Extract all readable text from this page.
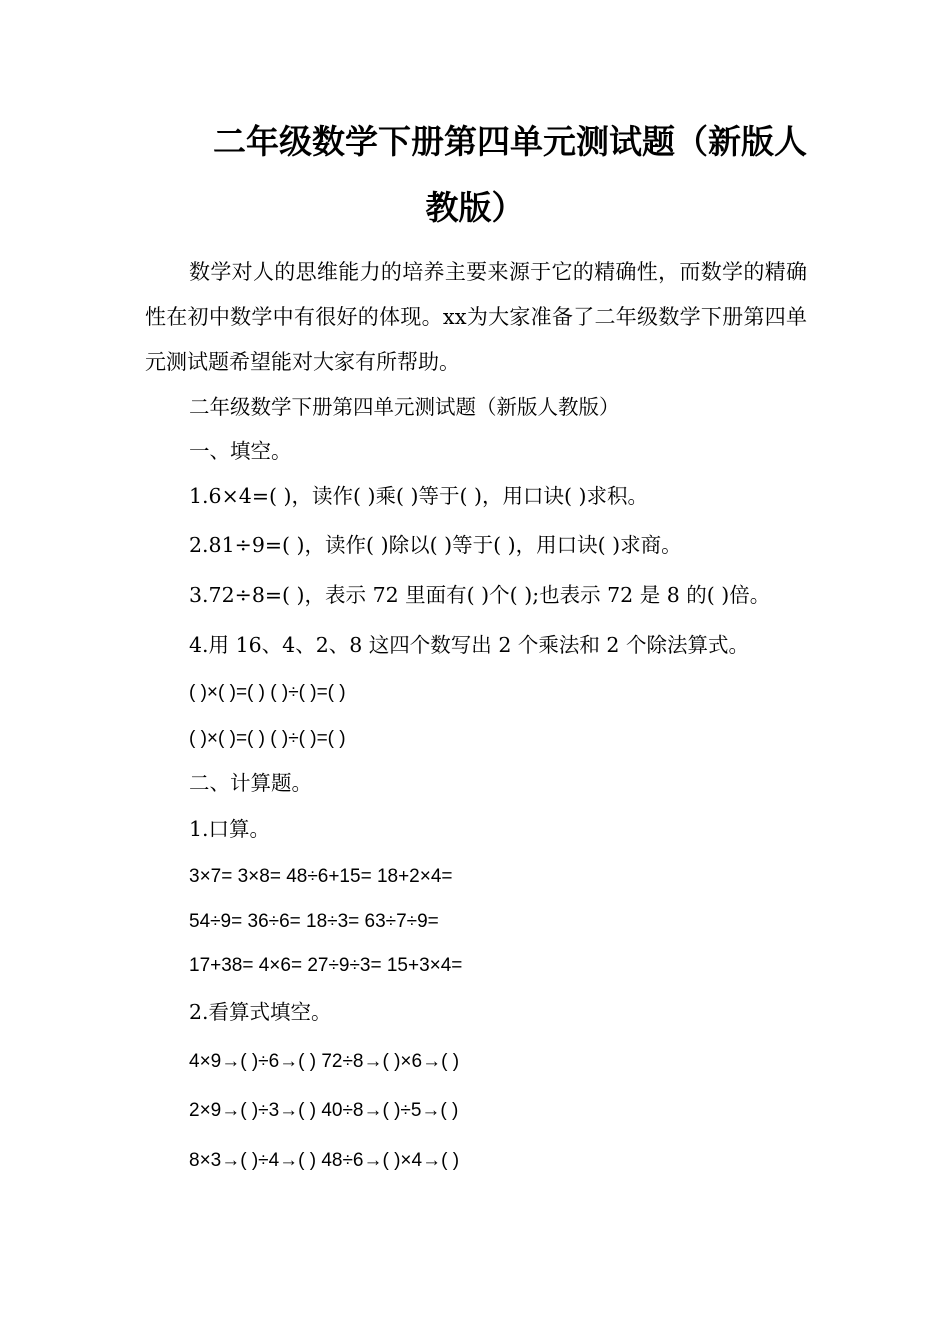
二年级数学下册第四单元测试题（新版人
教版）
数学对人的思维能力的培养主要来源于它的精确性，而数学的精确性在初中数学中有很好的体现。xx为大家准备了二年级数学下册第四单元测试题希望能对大家有所帮助。
二年级数学下册第四单元测试题（新版人教版）
一、填空。
1.6×4=( )，读作( )乘( )等于( )，用口诀( )求积。
2.81÷9=( )，读作( )除以( )等于( )，用口诀( )求商。
3.72÷8=( )，表示 72 里面有( )个( );也表示 72 是 8 的( )倍。
4.用 16、4、2、8 这四个数写出 2 个乘法和 2 个除法算式。
( )×( )=( ) ( )÷( )=( )
( )×( )=( ) ( )÷( )=( )
二、计算题。
1.口算。
3×7= 3×8= 48÷6+15= 18+2×4=
54÷9= 36÷6= 18÷3= 63÷7÷9=
17+38= 4×6= 27÷9÷3= 15+3×4=
2.看算式填空。
4×9→( )÷6→( ) 72÷8→( )×6→( )
2×9→( )÷3→( ) 40÷8→( )÷5→( )
8×3→( )÷4→( ) 48÷6→( )×4→( )
